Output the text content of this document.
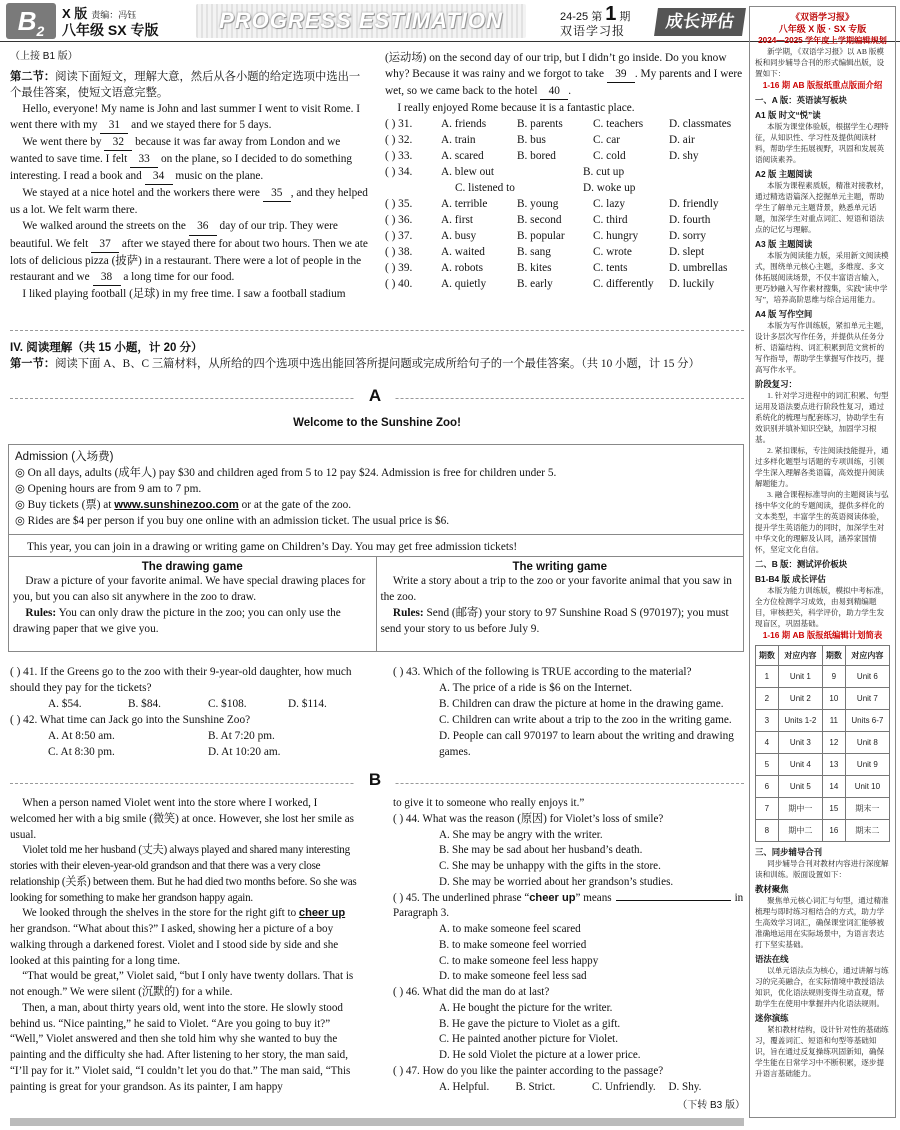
$B_2$
X 版 责编：冯钰
八年级 SX 专版	PROGRESS ESTIMATION	24-25 第 1 期
双语学习报	成长评估
（上接 B1 版）
第二节：阅读下面短文，理解大意，然后从各小题的给定选项中选出一个最佳答案，使短文语意完整。

Hello, everyone! My name is John and last summer I went to visit Rome. I went there with my 31 and we stayed there for 5 days.

We went there by 32 because it was far away from London and we wanted to save time. I felt 33 on the plane, so I decided to do something interesting. I read a book and 34 music on the plane.

We stayed at a nice hotel and the workers there were 35 , and they helped us a lot. We felt warm there.

We walked around the streets on the 36 day of our trip. They were beautiful. We felt 37 after we stayed there for about two hours. Then we ate lots of delicious pizza (披萨) in a restaurant. There were a lot of people in the restaurant and we 38 a long time for our food.

I liked playing football (足球) in my free time. I saw a football stadium

(运动场) on the second day of our trip, but I didn’t go inside. Do you know why? Because it was rainy and we forgot to take 39 . My parents and I were wet, so we came back to the hotel 40 .

I really enjoyed Rome because it is a fantastic place.

( ) 31.	A. friends	B. parents	C. teachers	D. classmates
( ) 32.	A. train	B. bus	C. car	D. air
( ) 33.	A. scared	B. bored	C. cold	D. shy
( ) 34.	A. blew out	B. cut up
C. listened to	D. woke up
( ) 35.	A. terrible	B. young	C. lazy	D. friendly
( ) 36.	A. first	B. second	C. third	D. fourth
( ) 37.	A. busy	B. popular	C. hungry	D. sorry
( ) 38.	A. waited	B. sang	C. wrote	D. slept
( ) 39.	A. robots	B. kites	C. tents	D. umbrellas
( ) 40.	A. quietly	B. early	C. differently	D. luckily
IV. 阅读理解（共 15 小题，计 20 分）
第一节：阅读下面 A、B、C 三篇材料，从所给的四个选项中选出能回答所提问题或完成所给句子的一个最佳答案。（共 10 小题，计 15 分）
A
Welcome to the Sunshine Zoo!
Admission (入场费)
◎ On all days, adults (成年人) pay $30 and children aged from 5 to 12 pay $24. Admission is free for children under 5.
◎ Opening hours are from 9 am to 7 pm.
◎ Buy tickets (票) at www.sunshinezoo.com or at the gate of the zoo.
◎ Rides are $4 per person if you buy one online with an admission ticket. The usual price is $6.
This year, you can join in a drawing or writing game on Children’s Day. You may get free admission tickets!
The drawing game

Draw a picture of your favorite animal. We have special drawing places for you, but you can also sit anywhere in the zoo to draw.

Rules: You can only draw the picture in the zoo; you can only use the drawing paper that we give you.

The writing game

Write a story about a trip to the zoo or your favorite animal that you saw in the zoo.

Rules: Send (邮寄) your story to 97 Sunshine Road S (970197); you must send your story to us before July 9.

( ) 41. If the Greens go to the zoo with their 9-year-old daughter, how much should they pay for the tickets?
A. $54.	B. $84.	C. $108.	D. $114.
( ) 42. What time can Jack go into the Sunshine Zoo?
A. At 8:50 am.	B. At 7:20 pm.
C. At 8:30 pm.	D. At 10:20 am.
( ) 43. Which of the following is TRUE according to the material?
A. The price of a ride is $6 on the Internet.
B. Children can draw the picture at home in the drawing game.
C. Children can write about a trip to the zoo in the writing game.
D. People can call 970197 to learn about the writing and drawing games.
B

When a person named Violet went into the store where I worked, I welcomed her with a big smile (微笑) at once. However, she lost her smile as usual.

Violet told me her husband (丈夫) always played and shared many interesting stories with their eleven-year-old grandson and that there was a very close relationship (关系) between them. But he had died two months before. So she was looking for something to make her grandson happy again.

We looked through the shelves in the store for the right gift to cheer up her grandson. “What about this?” I asked, showing her a picture of a boy walking through a darkened forest. Violet and I stood side by side and she looked at this painting for a long time.

“That would be great,” Violet said, “but I only have twenty dollars. That is not enough.” We were silent (沉默的) for a while.

Then, a man, about thirty years old, went into the store. He slowly stood behind us. “Nice painting,” he said to Violet. “Are you going to buy it?” “Well,” Violet answered and then she told him why she wanted to buy the painting and the difficulty she had. After listening to her story, the man said, “I’ll pay for it.” Violet said, “I couldn’t let you do that.” The man said, “This painting is great for your grandson. As its painter, I am happy

to give it to someone who really enjoys it.”

( ) 44. What was the reason (原因) for Violet’s loss of smile?
A. She may be angry with the writer.
B. She may be sad about her husband’s death.
C. She may be unhappy with the gifts in the store.
D. She may be worried about her grandson’s studies.
( ) 45. The underlined phrase “cheer up” means	in Paragraph 3.
A. to make someone feel scared
B. to make someone feel worried
C. to make someone feel less happy
D. to make someone feel less sad
( ) 46. What did the man do at last?
A. He bought the picture for the writer.
B. He gave the picture to Violet as a gift.
C. He painted another picture for Violet.
D. He sold Violet the picture at a lower price.
( ) 47. How do you like the painter according to the passage?
A. Helpful.	B. Strict.	C. Unfriendly.	D. Shy.
（下转 B3 版）
《双语学习报》
八年级 X 版 · SX 专版
2024—2025 学年度上学期编辑规划

新学期，《双语学习报》以 AB 版模板和同步辅导合刊的形式编辑出版，设置如下：

1-16 期 AB 版报纸重点版面介绍
一、A 版：英语读写板块
A1 版 时文“悦”读

本版为课堂体验版，根据学生心理特征，从知识性、学习性及提供阅读材料，帮助学生拓展视野，巩固和发展英语阅读素养。

A2 版 主题阅读

本版为课程素质版，精准对接教材，通过精选语篇深入挖掘单元主题，帮助学生了解单元主题背景，熟悉单元话题，加深学生对重点词汇、短语和语法点的记忆与理解。

A3 版 主题阅读

本版为阅读能力版，采用新文阅读模式，围绕单元核心主题，多维度、多文体拓展阅读场景，不仅丰富语言输入，更巧妙融入写作素材搜集，实践“读中学写”，培养高阶思维与综合运用能力。

A4 版 写作空间

本版为写作训练版，紧扣单元主题，设计多层次写作任务，并提供从任务分析、语篇结构、词汇积累到范文赏析的写作指导，帮助学生掌握写作技巧，提高写作水平。

阶段复习：

1. 针对学习进程中的词汇积累、句型运用及语法要点进行阶段性复习，通过系统化的梳理与配套练习，协助学生有效识别并填补知识空缺，加固学习根基。

2. 紧扣课标，专注阅读技能提升，通过多样化题型与话题的专项训练，引领学生深入理解各类语篇，高效提升阅读解题能力。

3. 融合课程标准导向的主题阅读与弘扬中华文化的专题阅读，提供多样化的文本类型，丰富学生的英语阅读体验，提升学生英语能力的同时，加深学生对中华文化的理解及认同，涵养家国情怀，坚定文化自信。

二、B 版：测试评价板块
B1-B4 版 成长评估

本版为能力训练版，模拟中考标准，全方位检测学习成效，由易到精编题目，审核把关，科学评价，助力学生发现盲区，巩固基础。

1-16 期 AB 版报纸编辑计划简表
期数	对应内容	期数	对应内容
1	Unit 1	9	Unit 6
2	Unit 2	10	Unit 7
3	Units 1-2	11	Units 6-7
4	Unit 3	12	Unit 8
5	Unit 4	13	Unit 9
6	Unit 5	14	Unit 10
7	期中一	15	期末一
8	期中二	16	期末二
三、同步辅导合刊

同步辅导合刊对教材内容进行深度解读和训练。版面设置如下：

教材聚焦

聚焦单元核心词汇与句型，通过精准梳理与即时练习相结合的方式，助力学生高效学习词汇，确保课堂词汇能够被准确地运用在实际场景中，为语言表达打下坚实基础。

语法在线

以单元语法点为核心，通过讲解与练习的完美融合，在实际情境中教授语法知识，优化语法规则变得生动直观，帮助学生在使用中掌握并内化语法规则。

迷你演练

紧扣教材结构，设计针对性的基础练习，覆盖词汇、短语和句型等基础知识，旨在通过反复操练巩固新知，确保学生能在日常学习中不断积累，逐步提升语言基础能力。
